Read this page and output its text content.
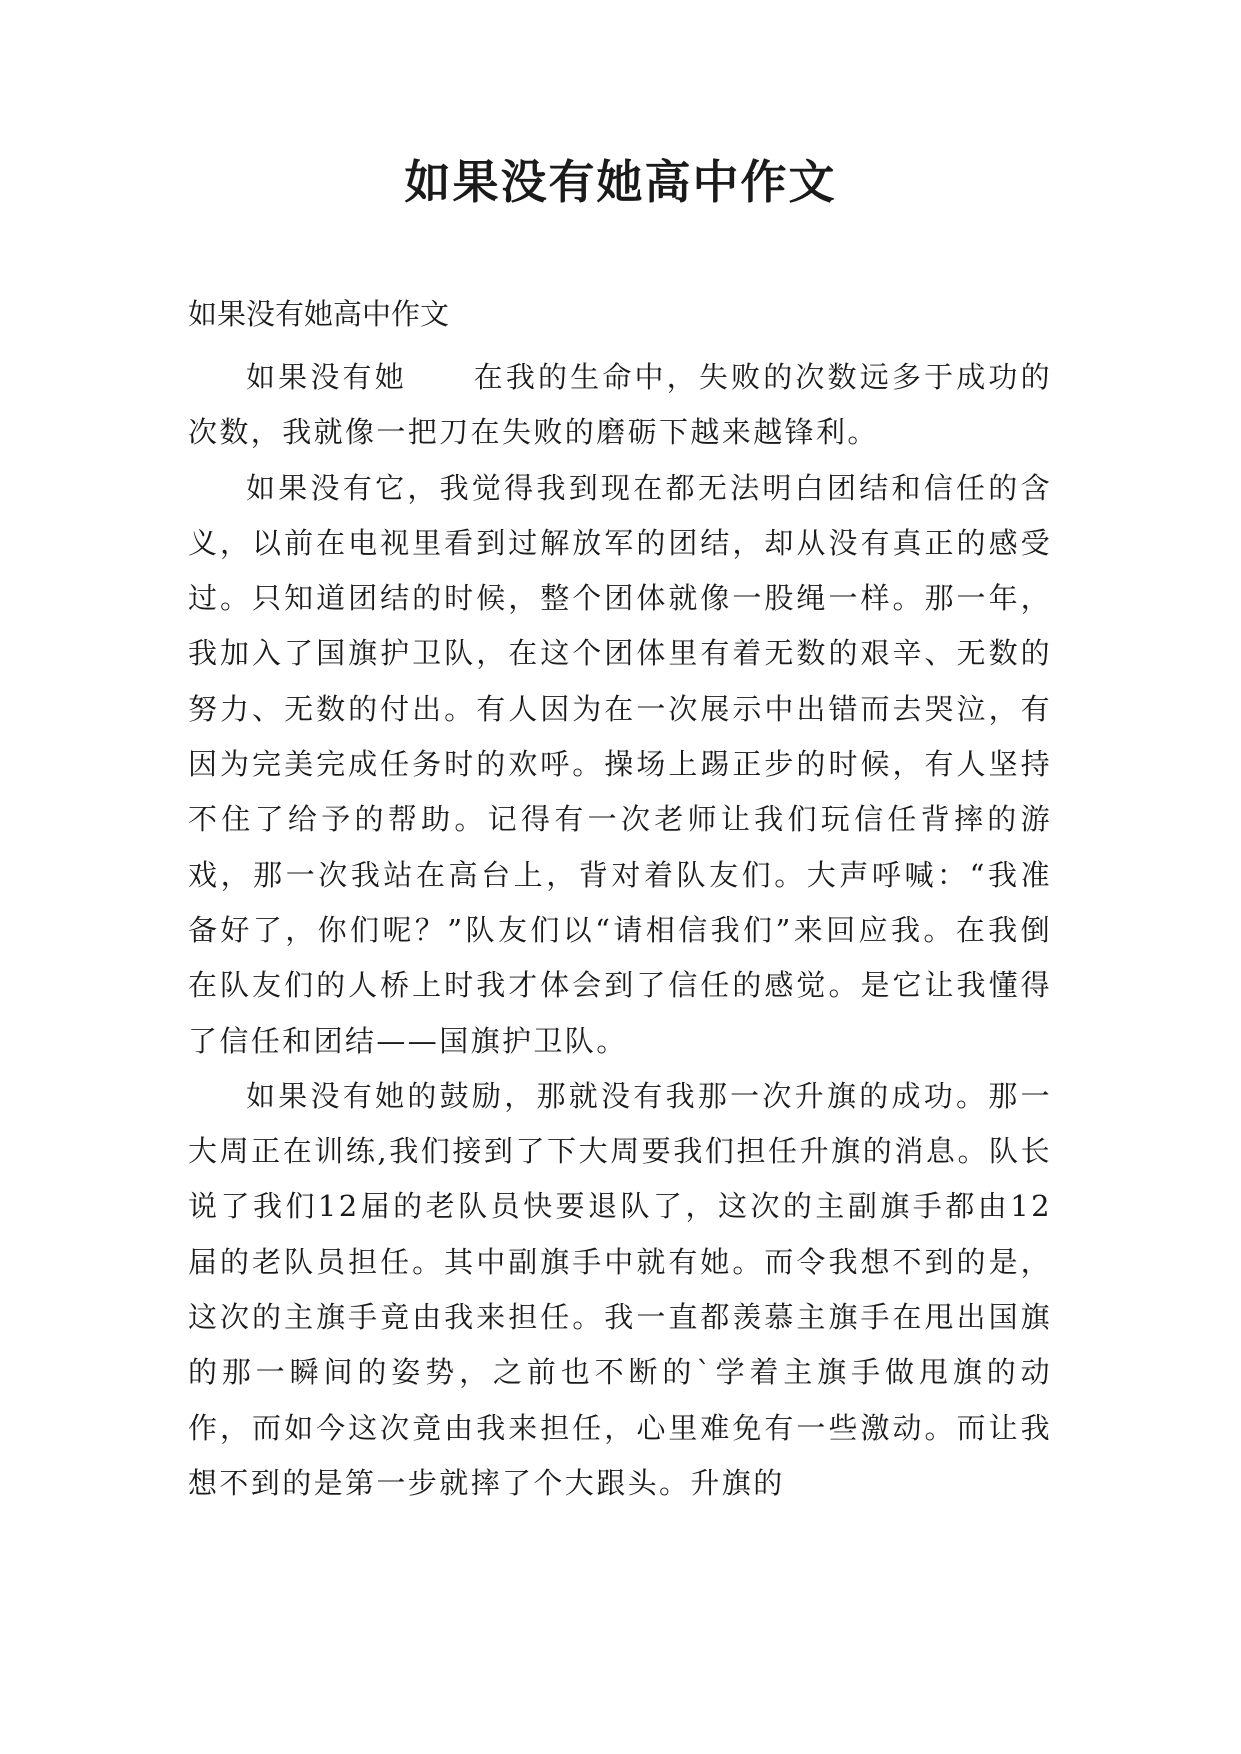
如果没有她高中作文

如果没有她高中作文

如果没有她 在我的生命中，失败的次数远多于成功的次数，我就像一把刀在失败的磨砺下越来越锋利。

如果没有它，我觉得我到现在都无法明白团结和信任的含义，以前在电视里看到过解放军的团结，却从没有真正的感受过。只知道团结的时候，整个团体就像一股绳一样。那一年，我加入了国旗护卫队，在这个团体里有着无数的艰辛、无数的努力、无数的付出。有人因为在一次展示中出错而去哭泣，有因为完美完成任务时的欢呼。操场上踢正步的时候，有人坚持不住了给予的帮助。记得有一次老师让我们玩信任背摔的游戏，那一次我站在高台上，背对着队友们。大声呼喊：“我准备好了，你们呢？”队友们以“请相信我们”来回应我。在我倒在队友们的人桥上时我才体会到了信任的感觉。是它让我懂得了信任和团结——国旗护卫队。

如果没有她的鼓励，那就没有我那一次升旗的成功。那一大周正在训练,我们接到了下大周要我们担任升旗的消息。队长说了我们12届的老队员快要退队了，这次的主副旗手都由12届的老队员担任。其中副旗手中就有她。而令我想不到的是，这次的主旗手竟由我来担任。我一直都羡慕主旗手在甩出国旗的那一瞬间的姿势，之前也不断的`学着主旗手做甩旗的动作，而如今这次竟由我来担任，心里难免有一些激动。而让我想不到的是第一步就摔了个大跟头。升旗的
